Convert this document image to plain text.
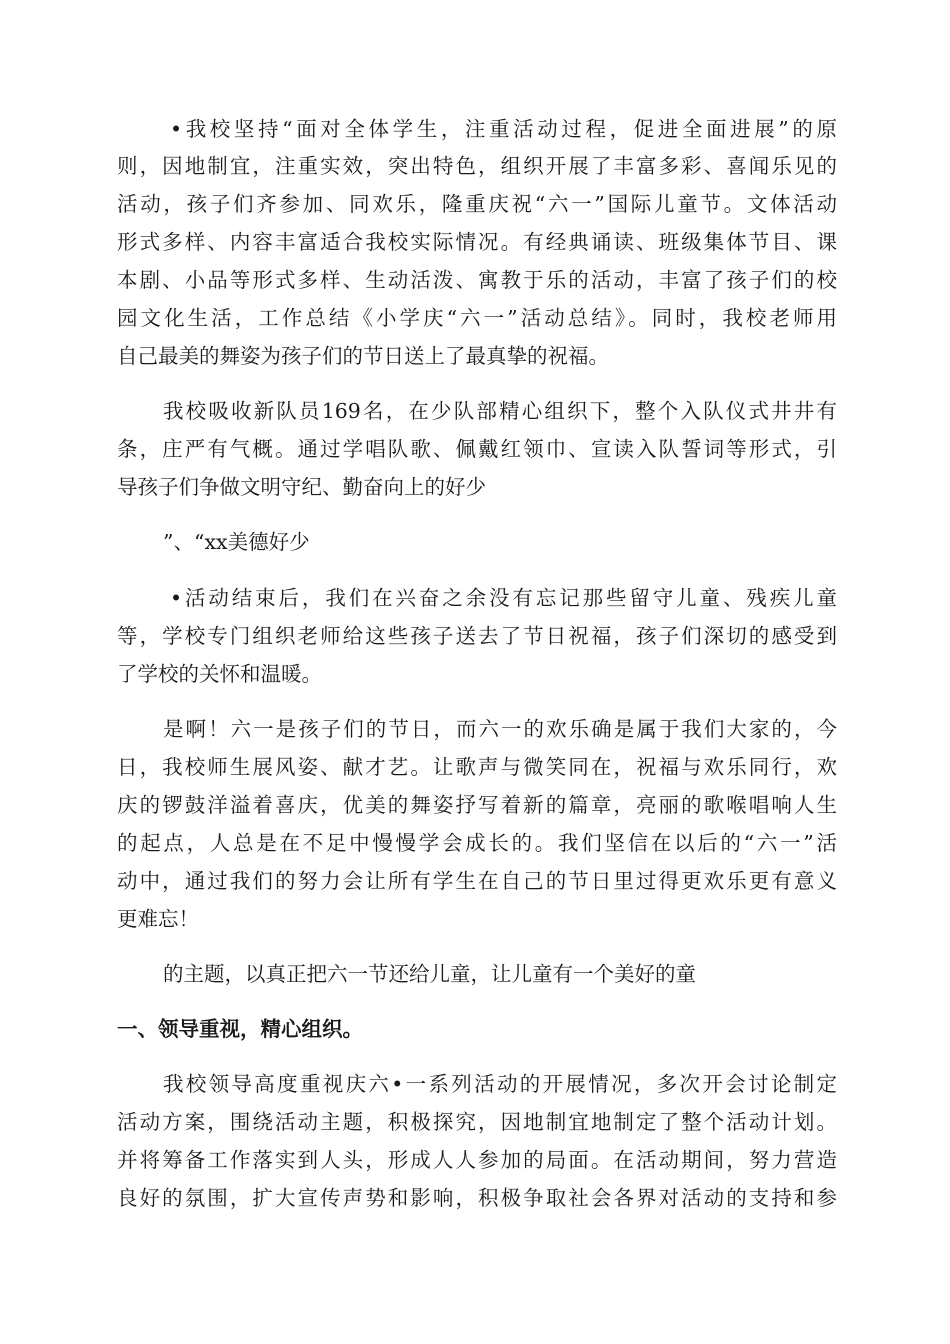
•我校坚持“面对全体学生，注重活动过程，促进全面进展”的原
则，因地制宜，注重实效，突出特色，组织开展了丰富多彩、喜闻乐见的
活动，孩子们齐参加、同欢乐，隆重庆祝“六一”国际儿童节。文体活动
形式多样、内容丰富适合我校实际情况。有经典诵读、班级集体节目、课
本剧、小品等形式多样、生动活泼、寓教于乐的活动，丰富了孩子们的校
园文化生活，工作总结《小学庆“六一”活动总结》。同时，我校老师用
自己最美的舞姿为孩子们的节日送上了最真挚的祝福。
我校吸收新队员169名，在少队部精心组织下，整个入队仪式井井有
条，庄严有气概。通过学唱队歌、佩戴红领巾、宣读入队誓词等形式，引
导孩子们争做文明守纪、勤奋向上的好少
”、“xx美德好少
•活动结束后，我们在兴奋之余没有忘记那些留守儿童、残疾儿童
等，学校专门组织老师给这些孩子送去了节日祝福，孩子们深切的感受到
了学校的关怀和温暖。
是啊！六一是孩子们的节日，而六一的欢乐确是属于我们大家的，今
日，我校师生展风姿、献才艺。让歌声与微笑同在，祝福与欢乐同行，欢
庆的锣鼓洋溢着喜庆，优美的舞姿抒写着新的篇章，亮丽的歌喉唱响人生
的起点，人总是在不足中慢慢学会成长的。我们坚信在以后的“六一”活
动中，通过我们的努力会让所有学生在自己的节日里过得更欢乐更有意义
更难忘！
的主题，以真正把六一节还给儿童，让儿童有一个美好的童
一、领导重视，精心组织。
我校领导高度重视庆六•一系列活动的开展情况，多次开会讨论制定
活动方案，围绕活动主题，积极探究，因地制宜地制定了整个活动计划。
并将筹备工作落实到人头，形成人人参加的局面。在活动期间，努力营造
良好的氛围，扩大宣传声势和影响，积极争取社会各界对活动的支持和参
